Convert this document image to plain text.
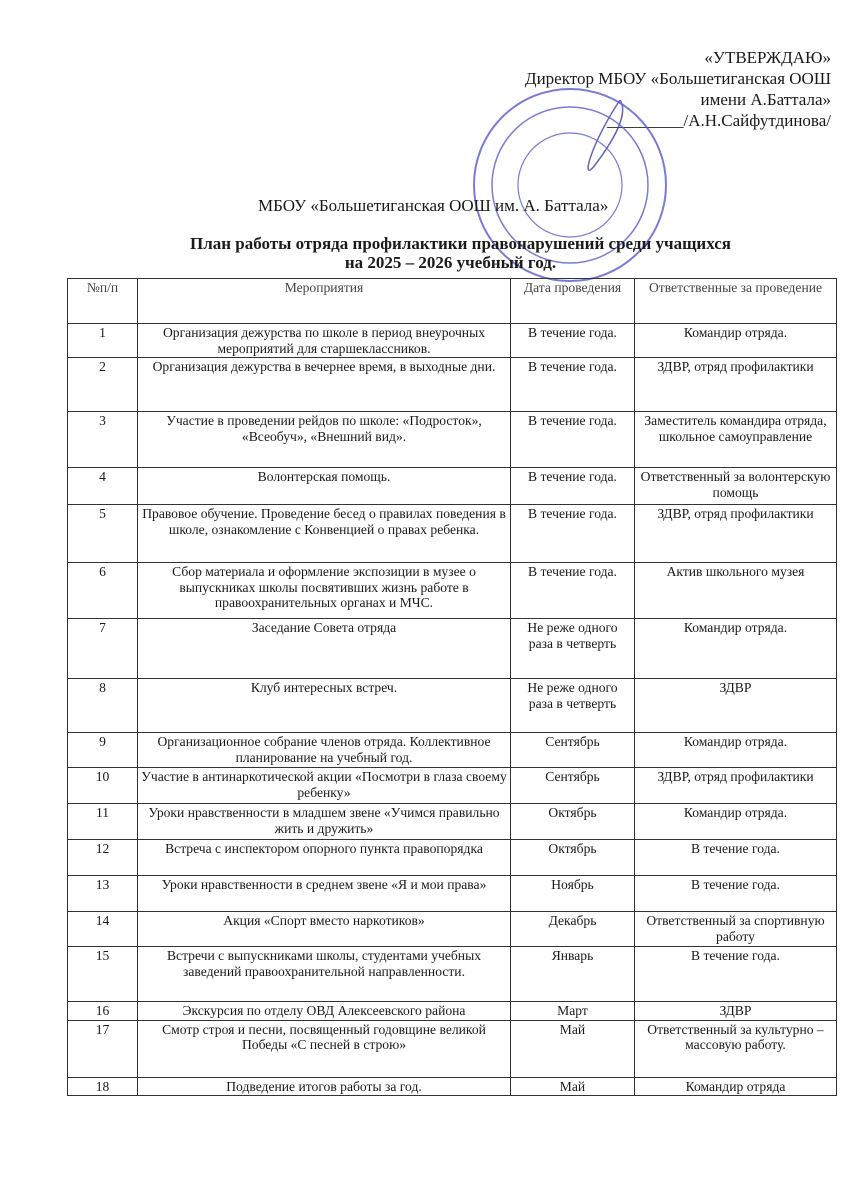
«УТВЕРЖДАЮ»
Директор МБОУ «Большетиганская ООШ
имени А.Баттала»
_________/А.Н.Сайфутдинова/
МБОУ «Большетиганская ООШ им. А. Баттала»
План работы отряда профилактики правонарушений среди учащихся
на 2025 – 2026 учебный год.
№п/п	Мероприятия	Дата проведения	Ответственные за проведение
1	Организация дежурства по школе в период внеурочных мероприятий для старшеклассников.	В течение года.	Командир отряда.
2	Организация дежурства в вечернее время, в выходные дни.	В течение года.	ЗДВР, отряд профилактики
3	Участие в проведении рейдов по школе: «Подросток», «Всеобуч», «Внешний вид».	В течение года.	Заместитель командира отряда, школьное самоуправление
4	Волонтерская помощь.	В течение года.	Ответственный за волонтерскую помощь
5	Правовое обучение. Проведение бесед о правилах поведения в школе, ознакомление с Конвенцией о правах ребенка.	В течение года.	ЗДВР, отряд профилактики
6	Сбор материала и оформление экспозиции в музее о выпускниках школы посвятивших жизнь работе в правоохранительных органах и МЧС.	В течение года.	Актив школьного музея
7	Заседание Совета отряда	Не реже одного раза в четверть	Командир отряда.
8	Клуб интересных встреч.	Не реже одного раза в четверть	ЗДВР
9	Организационное собрание членов отряда. Коллективное планирование на учебный год.	Сентябрь	Командир отряда.
10	Участие в антинаркотической акции «Посмотри в глаза своему ребенку»	Сентябрь	ЗДВР, отряд профилактики
11	Уроки нравственности в младшем звене «Учимся правильно жить и дружить»	Октябрь	Командир отряда.
12	Встреча с инспектором опорного пункта правопорядка	Октябрь	В течение года.
13	Уроки нравственности в среднем звене «Я и мои права»	Ноябрь	В течение года.
14	Акция «Спорт вместо наркотиков»	Декабрь	Ответственный за спортивную работу
15	Встречи с выпускниками школы, студентами учебных заведений правоохранительной направленности.	Январь	В течение года.
16	Экскурсия по отделу ОВД Алексеевского района	Март	ЗДВР
17	Смотр строя и песни, посвященный годовщине великой Победы «С песней в строю»	Май	Ответственный за культурно – массовую работу.
18	Подведение итогов работы за год.	Май	Командир отряда
